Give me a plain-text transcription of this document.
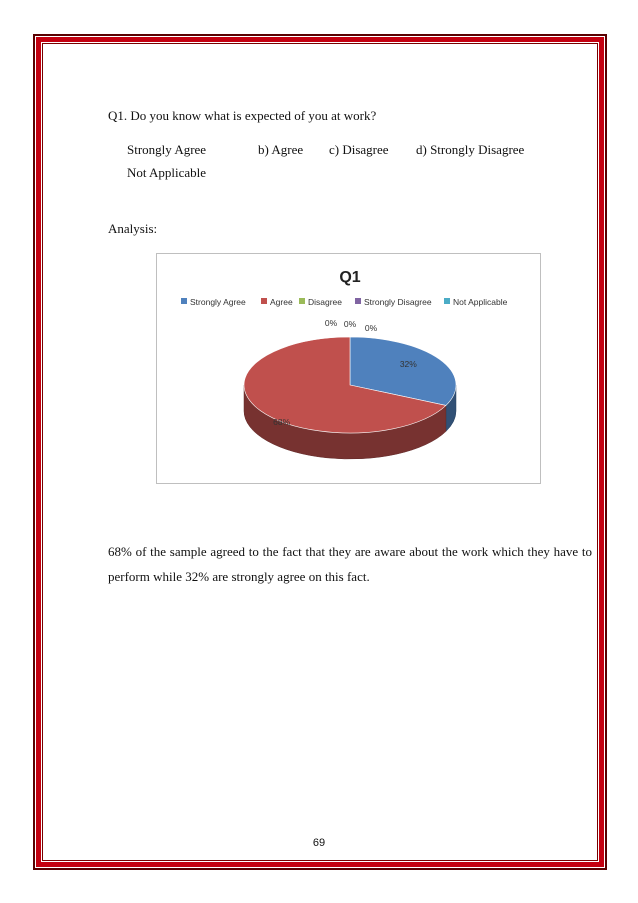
Q1. Do you know what is expected of you at work?
Strongly Agree	b) Agree c) Disagree d) Strongly Disagree
Not Applicable
Analysis:
Q1
Strongly Agree	Agree Disagree	Strongly Disagree	Not Applicable
32%
68%
0% 0% 0%
68% of the sample agreed to the fact that they are aware about the work which they have to perform while 32% are strongly agree on this fact.
69
